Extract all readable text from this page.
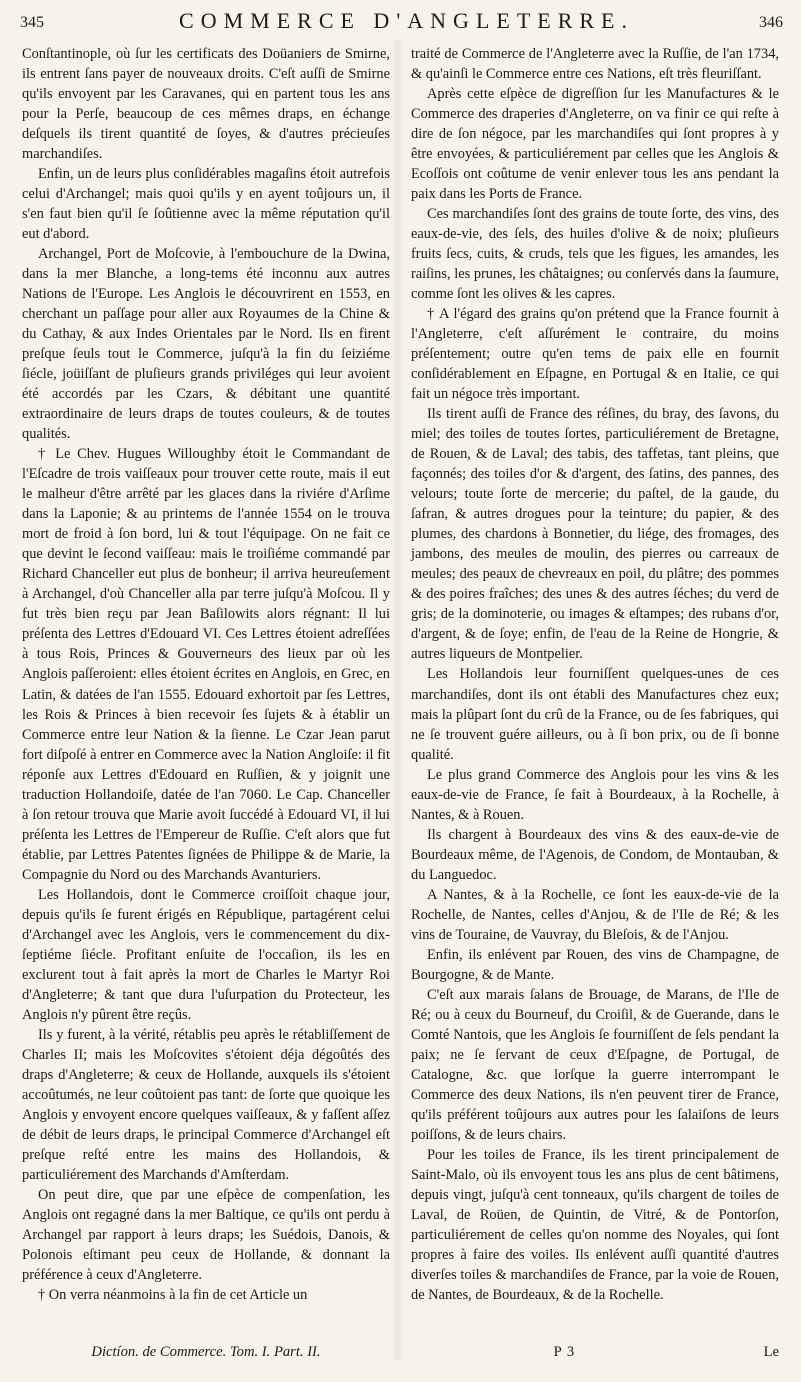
345	COMMERCE D'ANGLETERRE.	346

Conſtantinople, où ſur les certificats des Doüaniers de Smirne, ils entrent ſans payer de nouveaux droits. C'eſt auſſi de Smirne qu'ils envoyent par les Caravanes, qui en partent tous les ans pour la Perſe, beaucoup de ces mêmes draps, en échange deſquels ils tirent quantité de ſoyes, & d'autres précieuſes marchandiſes.

Enfin, un de leurs plus conſidérables magaſins étoit autrefois celui d'Archangel; mais quoi qu'ils y en ayent toûjours un, il s'en faut bien qu'il ſe ſoûtienne avec la même réputation qu'il eut d'abord.

Archangel, Port de Moſcovie, à l'embouchure de la Dwina, dans la mer Blanche, a long-tems été inconnu aux autres Nations de l'Europe. Les Anglois le découvrirent en 1553, en cherchant un paſſage pour aller aux Royaumes de la Chine & du Cathay, & aux Indes Orientales par le Nord. Ils en firent preſque ſeuls tout le Commerce, juſqu'à la fin du ſeiziéme ſiécle, joüiſſant de pluſieurs grands priviléges qui leur avoient été accordés par les Czars, & débitant une quantité extraordinaire de leurs draps de toutes couleurs, & de toutes qualités.

† Le Chev. Hugues Willoughby étoit le Commandant de l'Eſcadre de trois vaiſſeaux pour trouver cette route, mais il eut le malheur d'être arrêté par les glaces dans la riviére d'Arſime dans la Laponie; & au printems de l'année 1554 on le trouva mort de froid à ſon bord, lui & tout l'équipage. On ne fait ce que devint le ſecond vaiſſeau: mais le troiſiéme commandé par Richard Chanceller eut plus de bonheur; il arriva heureuſement à Archangel, d'où Chanceller alla par terre juſqu'à Moſcou. Il y fut très bien reçu par Jean Baſilowits alors régnant: Il lui préſenta des Lettres d'Edouard VI. Ces Lettres étoient adreſſées à tous Rois, Princes & Gouverneurs des lieux par où les Anglois paſſeroient: elles étoient écrites en Anglois, en Grec, en Latin, & datées de l'an 1555. Edouard exhortoit par ſes Lettres, les Rois & Princes à bien recevoir ſes ſujets & à établir un Commerce entre leur Nation & la ſienne. Le Czar Jean parut fort diſpoſé à entrer en Commerce avec la Nation Angloiſe: il fit réponſe aux Lettres d'Edouard en Ruſſien, & y joignit une traduction Hollandoiſe, datée de l'an 7060. Le Cap. Chanceller à ſon retour trouva que Marie avoit ſuccédé à Edouard VI, il lui préſenta les Lettres de l'Empereur de Ruſſie. C'eſt alors que fut établie, par Lettres Patentes ſignées de Philippe & de Marie, la Compagnie du Nord ou des Marchands Avanturiers.

Les Hollandois, dont le Commerce croiſſoit chaque jour, depuis qu'ils ſe furent érigés en République, partagérent celui d'Archangel avec les Anglois, vers le commencement du dix-ſeptiéme ſiécle. Profitant enſuite de l'occaſion, ils les en exclurent tout à fait après la mort de Charles le Martyr Roi d'Angleterre; & tant que dura l'uſurpation du Protecteur, les Anglois n'y pûrent être reçûs.

Ils y furent, à la vérité, rétablis peu après le rétabliſſement de Charles II; mais les Moſcovites s'étoient déja dégoûtés des draps d'Angleterre; & ceux de Hollande, auxquels ils s'étoient accoûtumés, ne leur coûtoient pas tant: de ſorte que quoique les Anglois y envoyent encore quelques vaiſſeaux, & y faſſent aſſez de débit de leurs draps, le principal Commerce d'Archangel eſt preſque reſté entre les mains des Hollandois, & particuliérement des Marchands d'Amſterdam.

On peut dire, que par une eſpèce de compenſation, les Anglois ont regagné dans la mer Baltique, ce qu'ils ont perdu à Archangel par rapport à leurs draps; les Suédois, Danois, & Polonois eſtimant peu ceux de Hollande, & donnant la préférence à ceux d'Angleterre.

† On verra néanmoins à la fin de cet Article un

traité de Commerce de l'Angleterre avec la Ruſſie, de l'an 1734, & qu'ainſi le Commerce entre ces Nations, eſt très fleuriſſant.

Après cette eſpèce de digreſſion ſur les Manufactures & le Commerce des draperies d'Angleterre, on va finir ce qui reſte à dire de ſon négoce, par les marchandiſes qui ſont propres à y être envoyées, & particuliérement par celles que les Anglois & Ecoſſois ont coûtume de venir enlever tous les ans pendant la paix dans les Ports de France.

Ces marchandiſes ſont des grains de toute ſorte, des vins, des eaux-de-vie, des ſels, des huiles d'olive & de noix; pluſieurs fruits ſecs, cuits, & cruds, tels que les figues, les amandes, les raiſins, les prunes, les châtaignes; ou conſervés dans la ſaumure, comme ſont les olives & les capres.

† A l'égard des grains qu'on prétend que la France fournit à l'Angleterre, c'eſt aſſurément le contraire, du moins préſentement; outre qu'en tems de paix elle en fournit conſidérablement en Eſpagne, en Portugal & en Italie, ce qui fait un négoce très important.

Ils tirent auſſi de France des réſines, du bray, des ſavons, du miel; des toiles de toutes ſortes, particuliérement de Bretagne, de Rouen, & de Laval; des tabis, des taffetas, tant pleins, que façonnés; des toiles d'or & d'argent, des ſatins, des pannes, des velours; toute ſorte de mercerie; du paſtel, de la gaude, du ſafran, & autres drogues pour la teinture; du papier, & des plumes, des chardons à Bonnetier, du liége, des fromages, des jambons, des meules de moulin, des pierres ou carreaux de meules; des peaux de chevreaux en poil, du plâtre; des pommes & des poires fraîches; des unes & des autres ſéches; du verd de gris; de la dominoterie, ou images & eſtampes; des rubans d'or, d'argent, & de ſoye; enfin, de l'eau de la Reine de Hongrie, & autres liqueurs de Montpelier.

Les Hollandois leur fourniſſent quelques-unes de ces marchandiſes, dont ils ont établi des Manufactures chez eux; mais la plûpart ſont du crû de la France, ou de ſes fabriques, qui ne ſe trouvent guére ailleurs, ou à ſi bon prix, ou de ſi bonne qualité.

Le plus grand Commerce des Anglois pour les vins & les eaux-de-vie de France, ſe fait à Bourdeaux, à la Rochelle, à Nantes, & à Rouen.

Ils chargent à Bourdeaux des vins & des eaux-de-vie de Bourdeaux même, de l'Agenois, de Condom, de Montauban, & du Languedoc.

A Nantes, & à la Rochelle, ce ſont les eaux-de-vie de la Rochelle, de Nantes, celles d'Anjou, & de l'Ile de Ré; & les vins de Touraine, de Vauvray, du Bleſois, & de l'Anjou.

Enfin, ils enlévent par Rouen, des vins de Champagne, de Bourgogne, & de Mante.

C'eſt aux marais ſalans de Brouage, de Marans, de l'Ile de Ré; ou à ceux du Bourneuf, du Croiſil, & de Guerande, dans le Comté Nantois, que les Anglois ſe fourniſſent de ſels pendant la paix; ne ſe ſervant de ceux d'Eſpagne, de Portugal, de Catalogne, &c. que lorſque la guerre interrompant le Commerce des deux Nations, ils n'en peuvent tirer de France, qu'ils préférent toûjours aux autres pour les ſalaiſons de leurs poiſſons, & de leurs chairs.

Pour les toiles de France, ils les tirent principalement de Saint-Malo, où ils envoyent tous les ans plus de cent bâtimens, depuis vingt, juſqu'à cent tonneaux, qu'ils chargent de toiles de Laval, de Roüen, de Quintin, de Vitré, & de Pontorſon, particuliérement de celles qu'on nomme des Noyales, qui ſont propres à faire des voiles. Ils enlévent auſſi quantité d'autres diverſes toiles & marchandiſes de France, par la voie de Rouen, de Nantes, de Bourdeaux, & de la Rochelle.

Dictíon. de Commerce. Tom. I. Part. II.	P 3	Le
